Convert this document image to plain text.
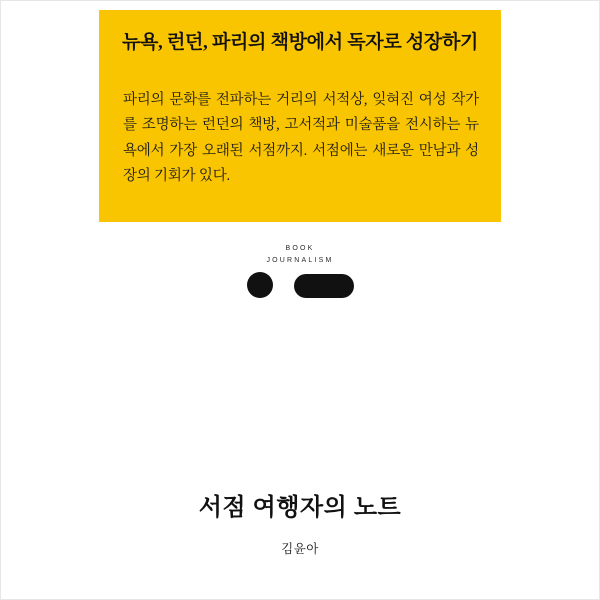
뉴욕, 런던, 파리의 책방에서 독자로 성장하기
파리의 문화를 전파하는 거리의 서적상, 잊혀진 여성 작가를 조명하는 런던의 책방, 고서적과 미술품을 전시하는 뉴욕에서 가장 오래된 서점까지. 서점에는 새로운 만남과 성장의 기회가 있다.
BOOK
JOURNALISM
서점 여행자의 노트
김윤아
